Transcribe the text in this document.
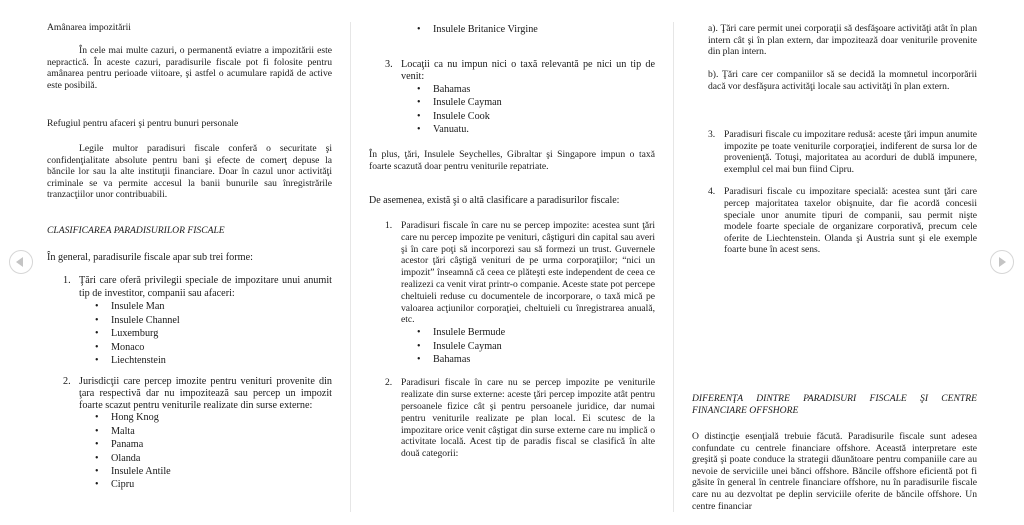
Amânarea impozitării

În cele mai multe cazuri, o permanentă eviatre a impozitării este nepractică. În aceste cazuri, paradisurile fiscale pot fi folosite pentru amânarea pentru perioade viitoare, şi astfel o acumulare rapidă de active este posibilă.

Refugiul pentru afaceri şi pentru bunuri personale

Legile multor paradisuri fiscale conferă o securitate şi confidenţialitate absolute pentru bani şi efecte de comerţ depuse la băncile lor sau la alte instituţii financiare. Doar în cazul unor activităţi criminale se va permite accesul la banii bunurile sau înregistrările tranzacţiilor unor contribuabili.

CLASIFICAREA PARADISURILOR FISCALE

În general, paradisurile fiscale apar sub trei forme:

1. Ţări care oferă privilegii speciale de impozitare unui anumit tip de investitor, companii sau afaceri:
• Insulele Man
• Insulele Channel
• Luxemburg
• Monaco
• Liechtenstein
2. Jurisdicţii care percep imozite pentru venituri provenite din ţara respectivă dar nu impozitează sau percep un impozit foarte scazut pentru veniturile realizate din surse externe:
• Hong Knog
• Malta
• Panama
• Olanda
• Insulele Antile
• Cipru
• Insulele Britanice Virgine
3. Locaţii ca nu impun nici o taxă relevantă pe nici un tip de venit:
• Bahamas
• Insulele Cayman
• Insulele Cook
• Vanuatu.

În plus, ţări, Insulele Seychelles, Gibraltar şi Singapore impun o taxă foarte scazută doar pentru veniturile repatriate.

De asemenea, există şi o altă clasificare a paradisurilor fiscale:

1. Paradisuri fiscale în care nu se percep impozite: acestea sunt ţări care nu percep impozite pe venituri, câştiguri din capital sau averi şi în care poţi să incorporezi sau să formezi un trust. Guvernele acestor ţări câştigă venituri de pe urma corporaţiilor; “nici un impozit” înseamnă că ceea ce plăteşti este independent de ceea ce realizezi ca venit virat printr-o companie. Aceste state pot percepe cheltuieli reduse cu documentele de incorporare, o taxă mică pe valoarea acţiunilor corporaţiei, cheltuieli cu înregistrarea anuală, etc.
• Insulele Bermude
• Insulele Cayman
• Bahamas
2. Paradisuri fiscale în care nu se percep impozite pe veniturile realizate din surse externe: aceste ţări percep impozite atât pentru persoanele fizice cât şi pentru persoanele juridice, dar numai pentru veniturile realizate pe plan local. Ei scutesc de la impozitare orice venit câştigat din surse externe care nu implică o activitate locală. Acest tip de paradis fiscal se clasifică în alte două categorii:

a). Ţări care permit unei corporaţii să desfăşoare activităţi atât în plan intern cât şi în plan extern, dar impozitează doar veniturile provenite din plan intern.

b). Ţări care cer companiilor să se decidă la momnetul incorporării dacă vor desfăşura activităţi locale sau activităţi în plan extern.

3. Paradisuri fiscale cu impozitare redusă: aceste ţări impun anumite impozite pe toate veniturile corporaţiei, indiferent de sursa lor de provenienţă. Totuşi, majoritatea au acorduri de dublă impunere, exemplul cel mai bun fiind Cipru.
4. Paradisuri fiscale cu impozitare specială: acestea sunt ţări care percep majoritatea taxelor obişnuite, dar fie acordă concesii speciale unor anumite tipuri de companii, sau permit nişte modele foarte speciale de organizare corporativă, precum cele oferite de Liechtenstein. Olanda şi Austria sunt şi ele exemple foarte bune în acest sens.

DIFERENŢA DINTRE PARADISURI FISCALE ŞI CENTRE FINANCIARE OFFSHORE

O distincţie esenţială trebuie făcută. Paradisurile fiscale sunt adesea confundate cu centrele financiare offshore. Această interpretare este greşită şi poate conduce la strategii dăunătoare pentru companiile care au nevoie de serviciile unei bănci offshore. Băncile offshore eficientă pot fi găsite în general în centrele financiare offshore, nu în paradisurile fiscale care nu au dezvoltat pe deplin serviciile oferite de băncile offshore. Un centre financiar
